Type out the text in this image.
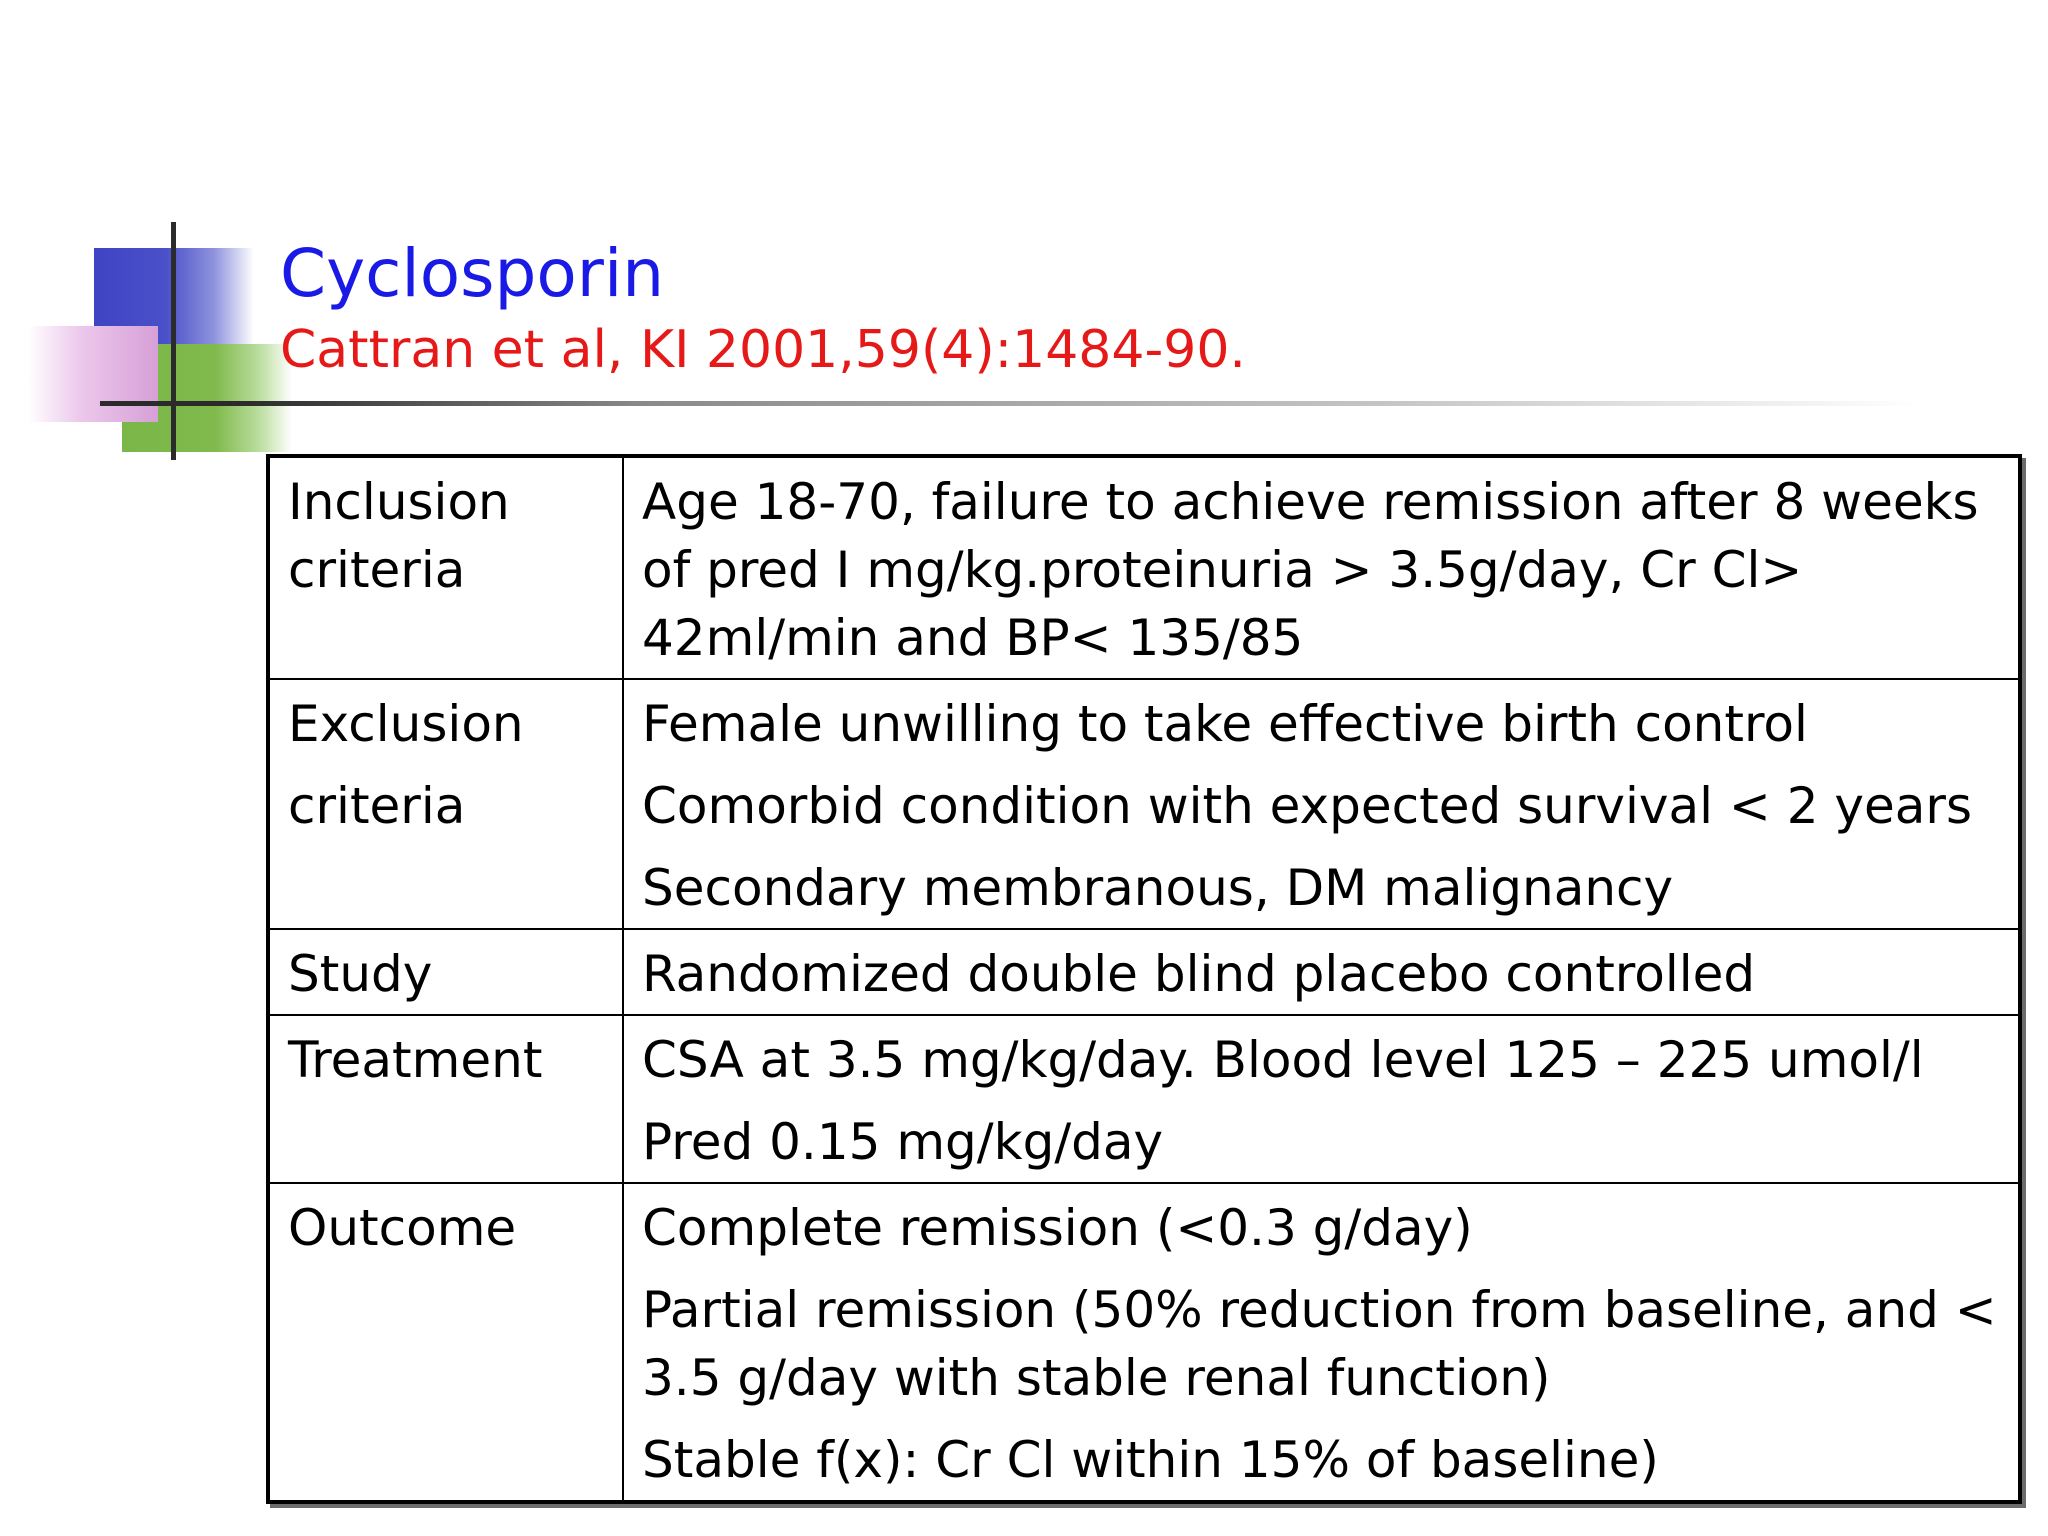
Cyclosporin
Cattran et al, KI 2001,59(4):1484-90.
Inclusion
criteria	Age 18-70, failure to achieve remission after 8 weeks of pred I mg/kg.proteinuria > 3.5g/day, Cr Cl> 42ml/min and BP< 135/85

Exclusion
criteria	Female unwilling to take effective birth control
Comorbid condition with expected survival < 2 years
Secondary membranous, DM malignancy

Study	Randomized double blind placebo controlled

Treatment	CSA at 3.5 mg/kg/day. Blood level 125 – 225 umol/l
Pred 0.15 mg/kg/day

Outcome	Complete remission (<0.3 g/day)
Partial remission (50% reduction from baseline, and < 3.5 g/day with stable renal function)
Stable f(x): Cr Cl within 15% of baseline)
